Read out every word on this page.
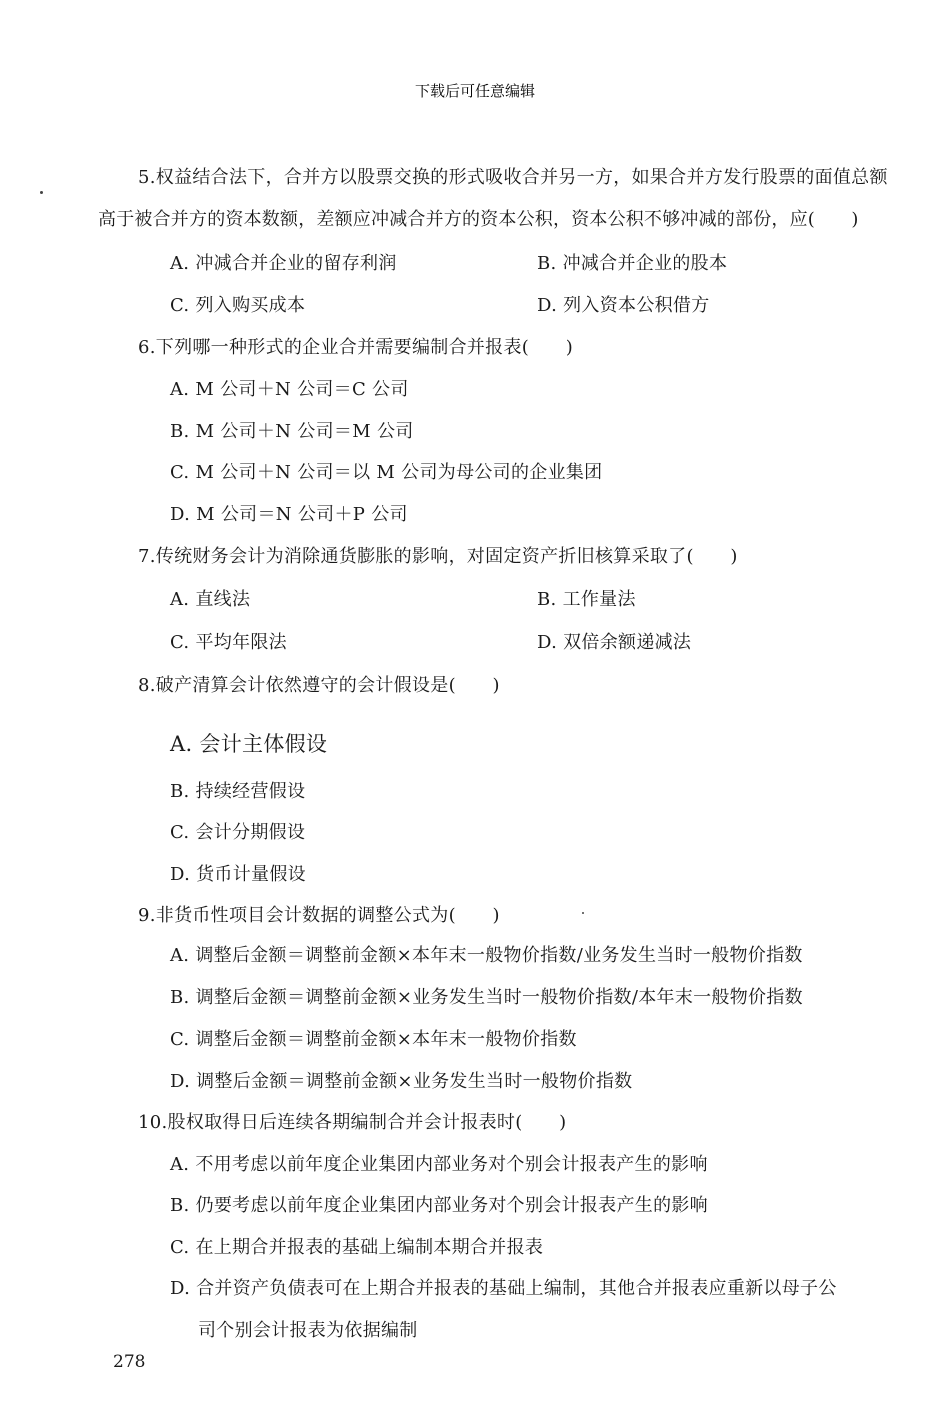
下载后可任意编辑
5.权益结合法下，合并方以股票交换的形式吸收合并另一方，如果合并方发行股票的面值总额
高于被合并方的资本数额，差额应冲减合并方的资本公积，资本公积不够冲减的部份，应(　　)
A. 冲减合并企业的留存利润	B. 冲减合并企业的股本
C. 列入购买成本	D. 列入资本公积借方
6.下列哪一种形式的企业合并需要编制合并报表(　　)
A. M 公司＋N 公司＝C 公司
B. M 公司＋N 公司＝M 公司
C. M 公司＋N 公司＝以 M 公司为母公司的企业集团
D. M 公司＝N 公司＋P 公司
7.传统财务会计为消除通货膨胀的影响，对固定资产折旧核算采取了(　　)
A. 直线法	B. 工作量法
C. 平均年限法	D. 双倍余额递减法
8.破产清算会计依然遵守的会计假设是(　　)
A. 会计主体假设
B. 持续经营假设
C. 会计分期假设
D. 货币计量假设
9.非货币性项目会计数据的调整公式为(　　)
A. 调整后金额＝调整前金额×本年末一般物价指数/业务发生当时一般物价指数
B. 调整后金额＝调整前金额×业务发生当时一般物价指数/本年末一般物价指数
C. 调整后金额＝调整前金额×本年末一般物价指数
D. 调整后金额＝调整前金额×业务发生当时一般物价指数
10.股权取得日后连续各期编制合并会计报表时(　　)
A. 不用考虑以前年度企业集团内部业务对个别会计报表产生的影响
B. 仍要考虑以前年度企业集团内部业务对个别会计报表产生的影响
C. 在上期合并报表的基础上编制本期合并报表
D. 合并资产负债表可在上期合并报表的基础上编制，其他合并报表应重新以母子公
司个别会计报表为依据编制
278
